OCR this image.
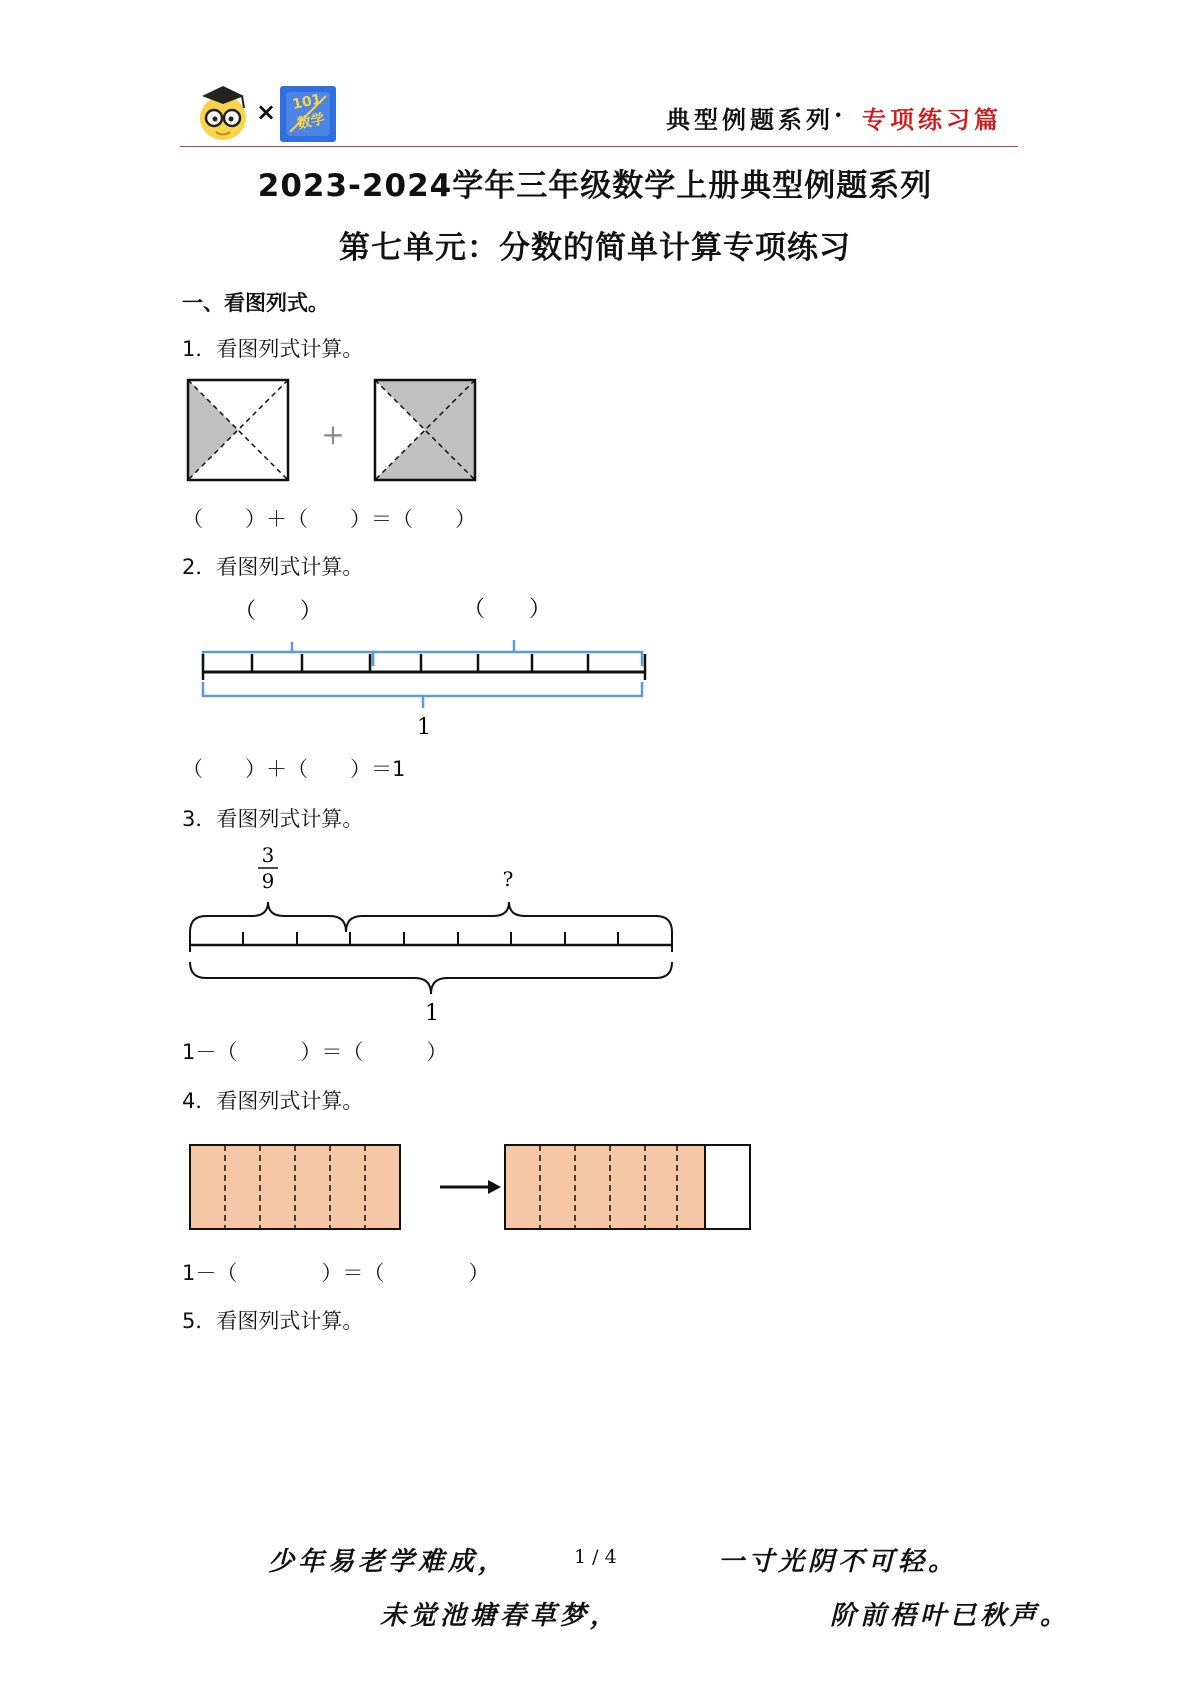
×	101
数学	典型例题系列 · 专项练习篇
2023-2024学年三年级数学上册典型例题系列
第七单元：分数的简单计算专项练习
一、看图列式。
1．看图列式计算。
+
（　　）＋（　　）＝（　　）
2．看图列式计算。
（　　）	（　　）
1
（　　）＋（　　）＝1
3．看图列式计算。
3
9	?
1
1－（　　　）＝（　　　）
4．看图列式计算。
1－（　　　　）＝（　　　　）
5．看图列式计算。
少年易老学难成，	1 / 4	一寸光阴不可轻。
未觉池塘春草梦，	阶前梧叶已秋声。
